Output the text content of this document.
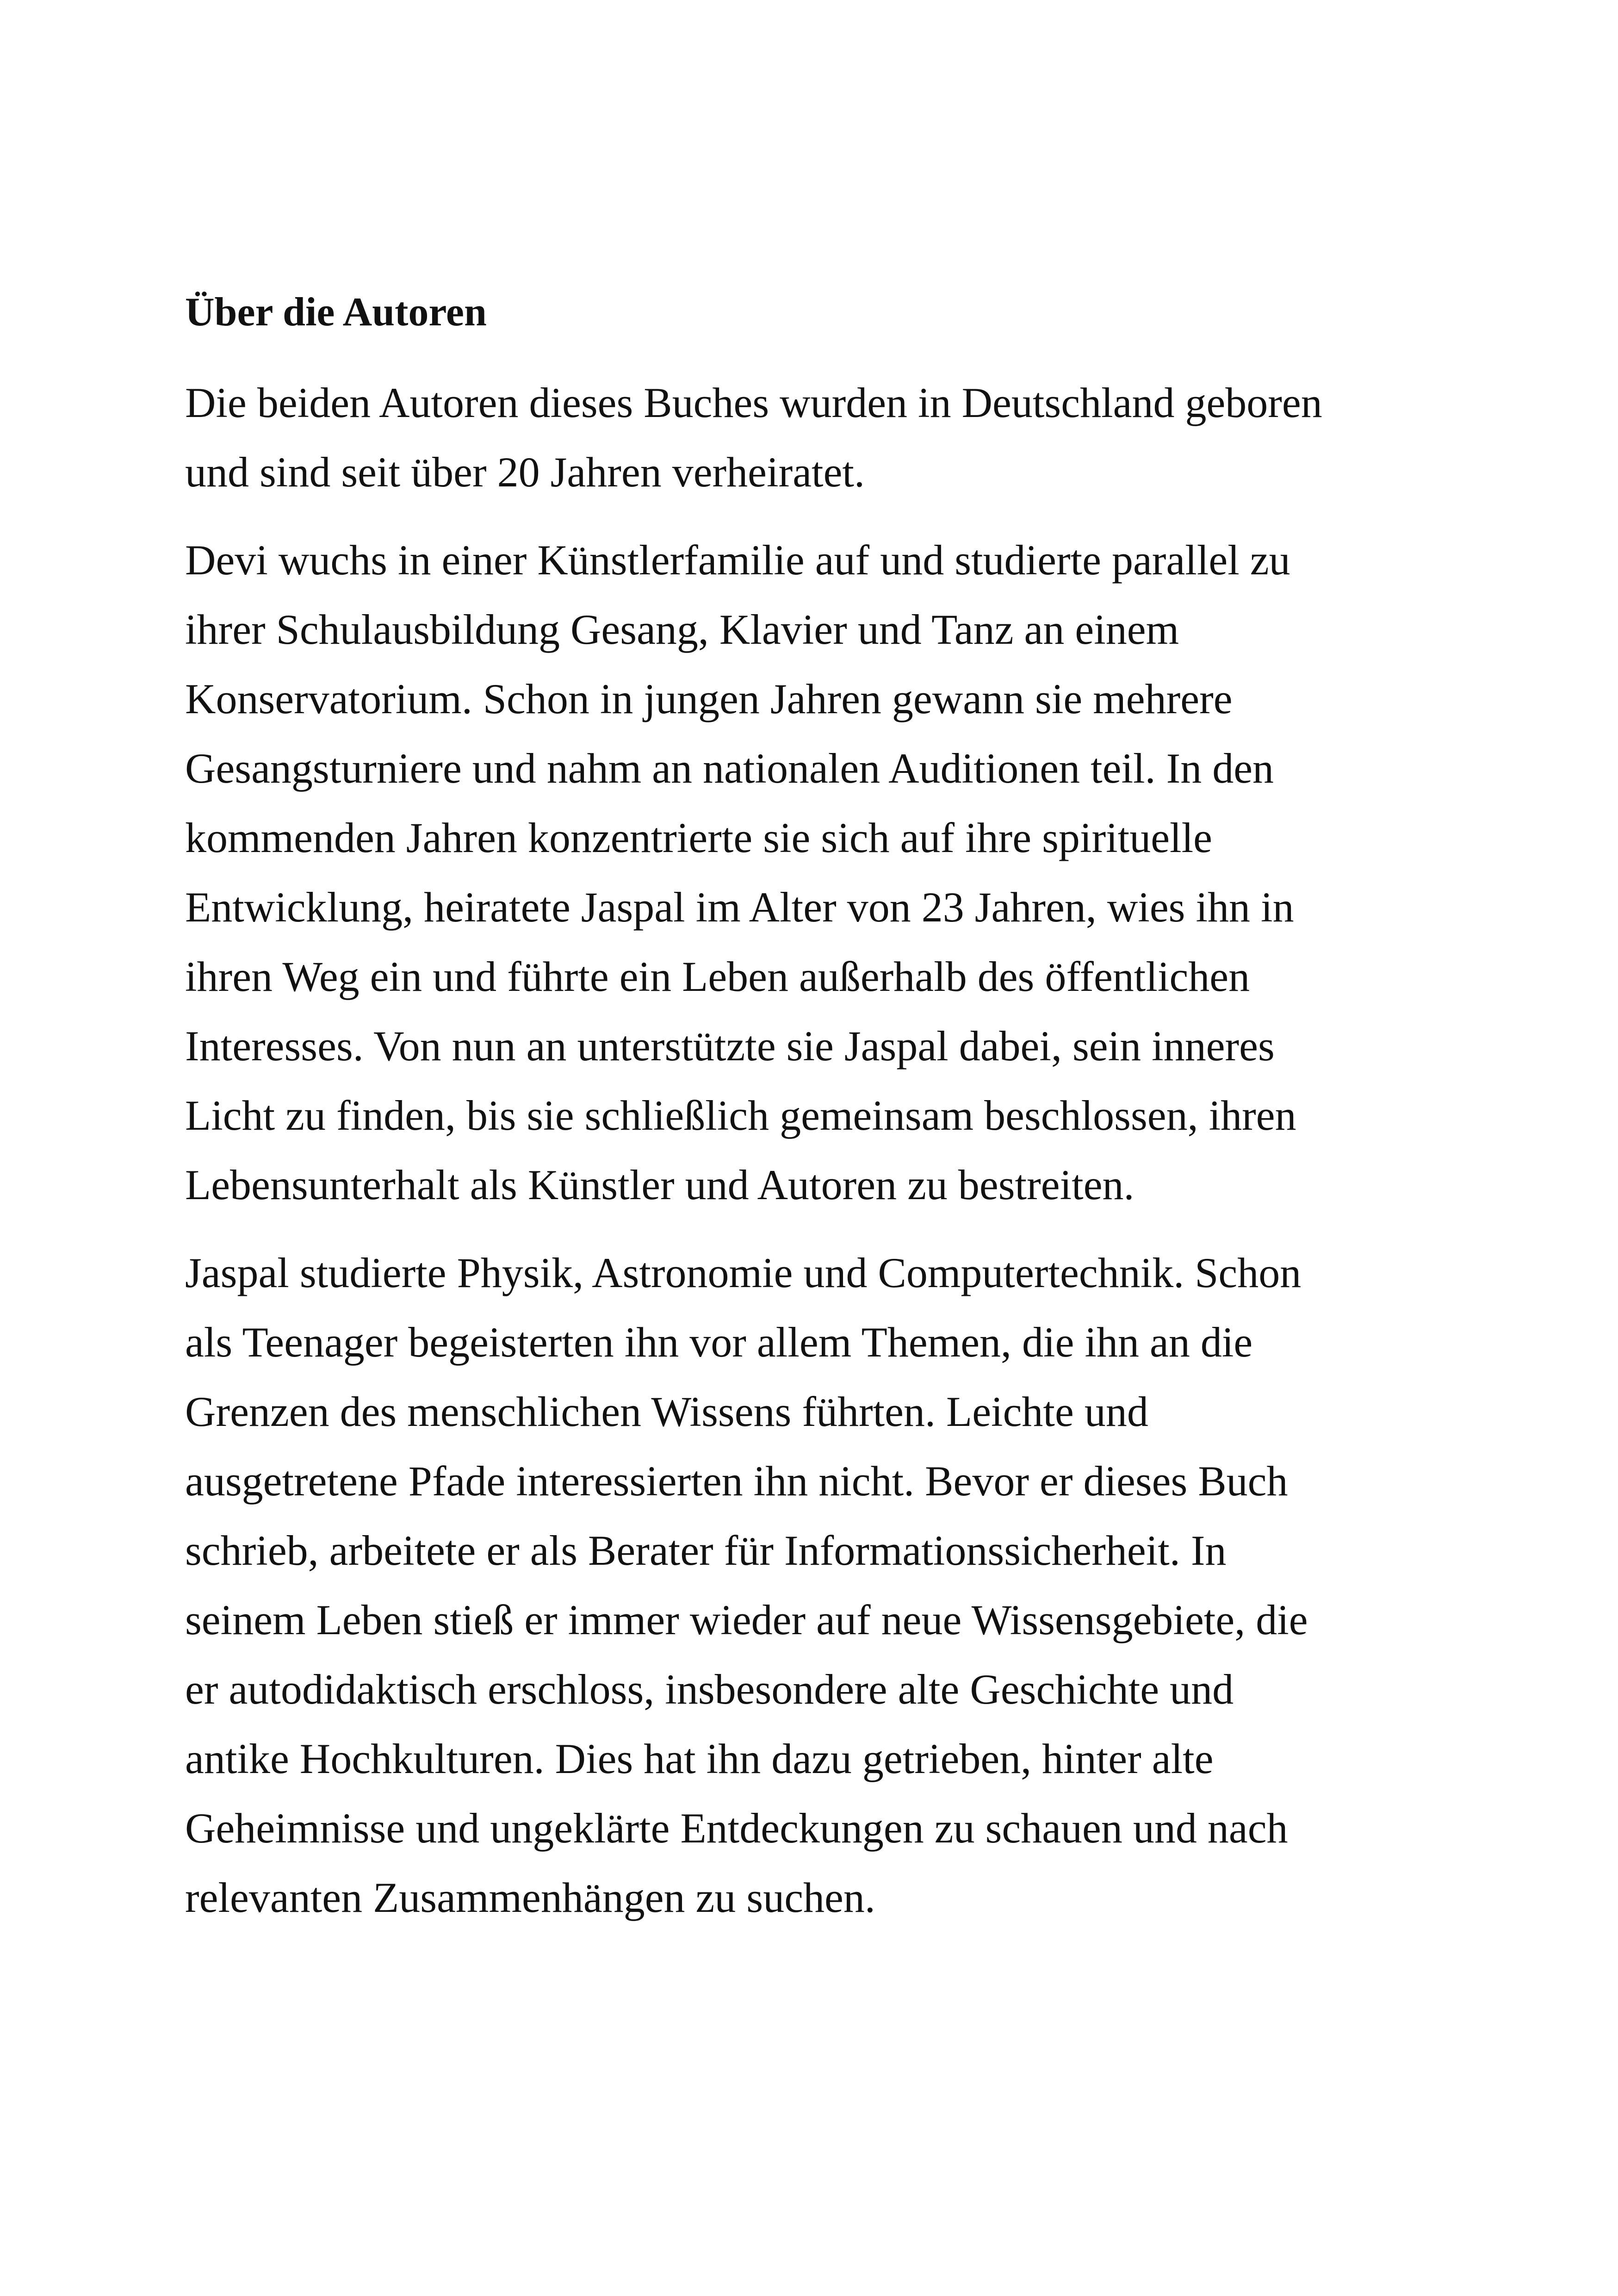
Über die Autoren

Die beiden Autoren dieses Buches wurden in Deutschland geboren
und sind seit über 20 Jahren verheiratet.

Devi wuchs in einer Künstlerfamilie auf und studierte parallel zu
ihrer Schulausbildung Gesang, Klavier und Tanz an einem
Konservatorium. Schon in jungen Jahren gewann sie mehrere
Gesangsturniere und nahm an nationalen Auditionen teil. In den
kommenden Jahren konzentrierte sie sich auf ihre spirituelle
Entwicklung, heiratete Jaspal im Alter von 23 Jahren, wies ihn in
ihren Weg ein und führte ein Leben außerhalb des öffentlichen
Interesses. Von nun an unterstützte sie Jaspal dabei, sein inneres
Licht zu finden, bis sie schließlich gemeinsam beschlossen, ihren
Lebensunterhalt als Künstler und Autoren zu bestreiten.

Jaspal studierte Physik, Astronomie und Computertechnik. Schon
als Teenager begeisterten ihn vor allem Themen, die ihn an die
Grenzen des menschlichen Wissens führten. Leichte und
ausgetretene Pfade interessierten ihn nicht. Bevor er dieses Buch
schrieb, arbeitete er als Berater für Informationssicherheit. In
seinem Leben stieß er immer wieder auf neue Wissensgebiete, die
er autodidaktisch erschloss, insbesondere alte Geschichte und
antike Hochkulturen. Dies hat ihn dazu getrieben, hinter alte
Geheimnisse und ungeklärte Entdeckungen zu schauen und nach
relevanten Zusammenhängen zu suchen.
